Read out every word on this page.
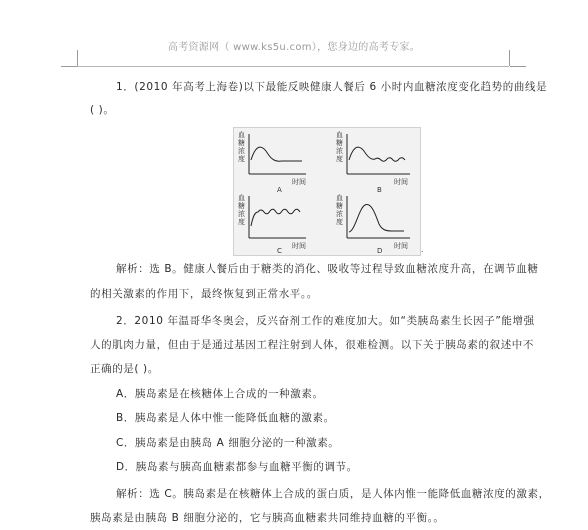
高考资源网（ www.ks5u.com），您身边的高考专家。
1．(2010 年高考上海卷)以下最能反映健康人餐后 6 小时内血糖浓度变化趋势的曲线是
( )。
血
糖
浓
度
时间
A
血
糖
浓
度
时间
B
血
糖
浓
度
时间
C
血
糖
浓
度
时间
D	.
解析：选 B。健康人餐后由于糖类的消化、吸收等过程导致血糖浓度升高，在调节血糖
的相关激素的作用下，最终恢复到正常水平。。
2．2010 年温哥华冬奥会，反兴奋剂工作的难度加大。如“类胰岛素生长因子”能增强
人的肌肉力量，但由于是通过基因工程注射到人体，很难检测。以下关于胰岛素的叙述中不
正确的是( )。
A．胰岛素是在核糖体上合成的一种激素。
B．胰岛素是人体中惟一能降低血糖的激素。
C．胰岛素是由胰岛 A 细胞分泌的一种激素。
D．胰岛素与胰高血糖素都参与血糖平衡的调节。
解析：选 C。胰岛素是在核糖体上合成的蛋白质，是人体内惟一能降低血糖浓度的激素，
胰岛素是由胰岛 B 细胞分泌的，它与胰高血糖素共同维持血糖的平衡。。
